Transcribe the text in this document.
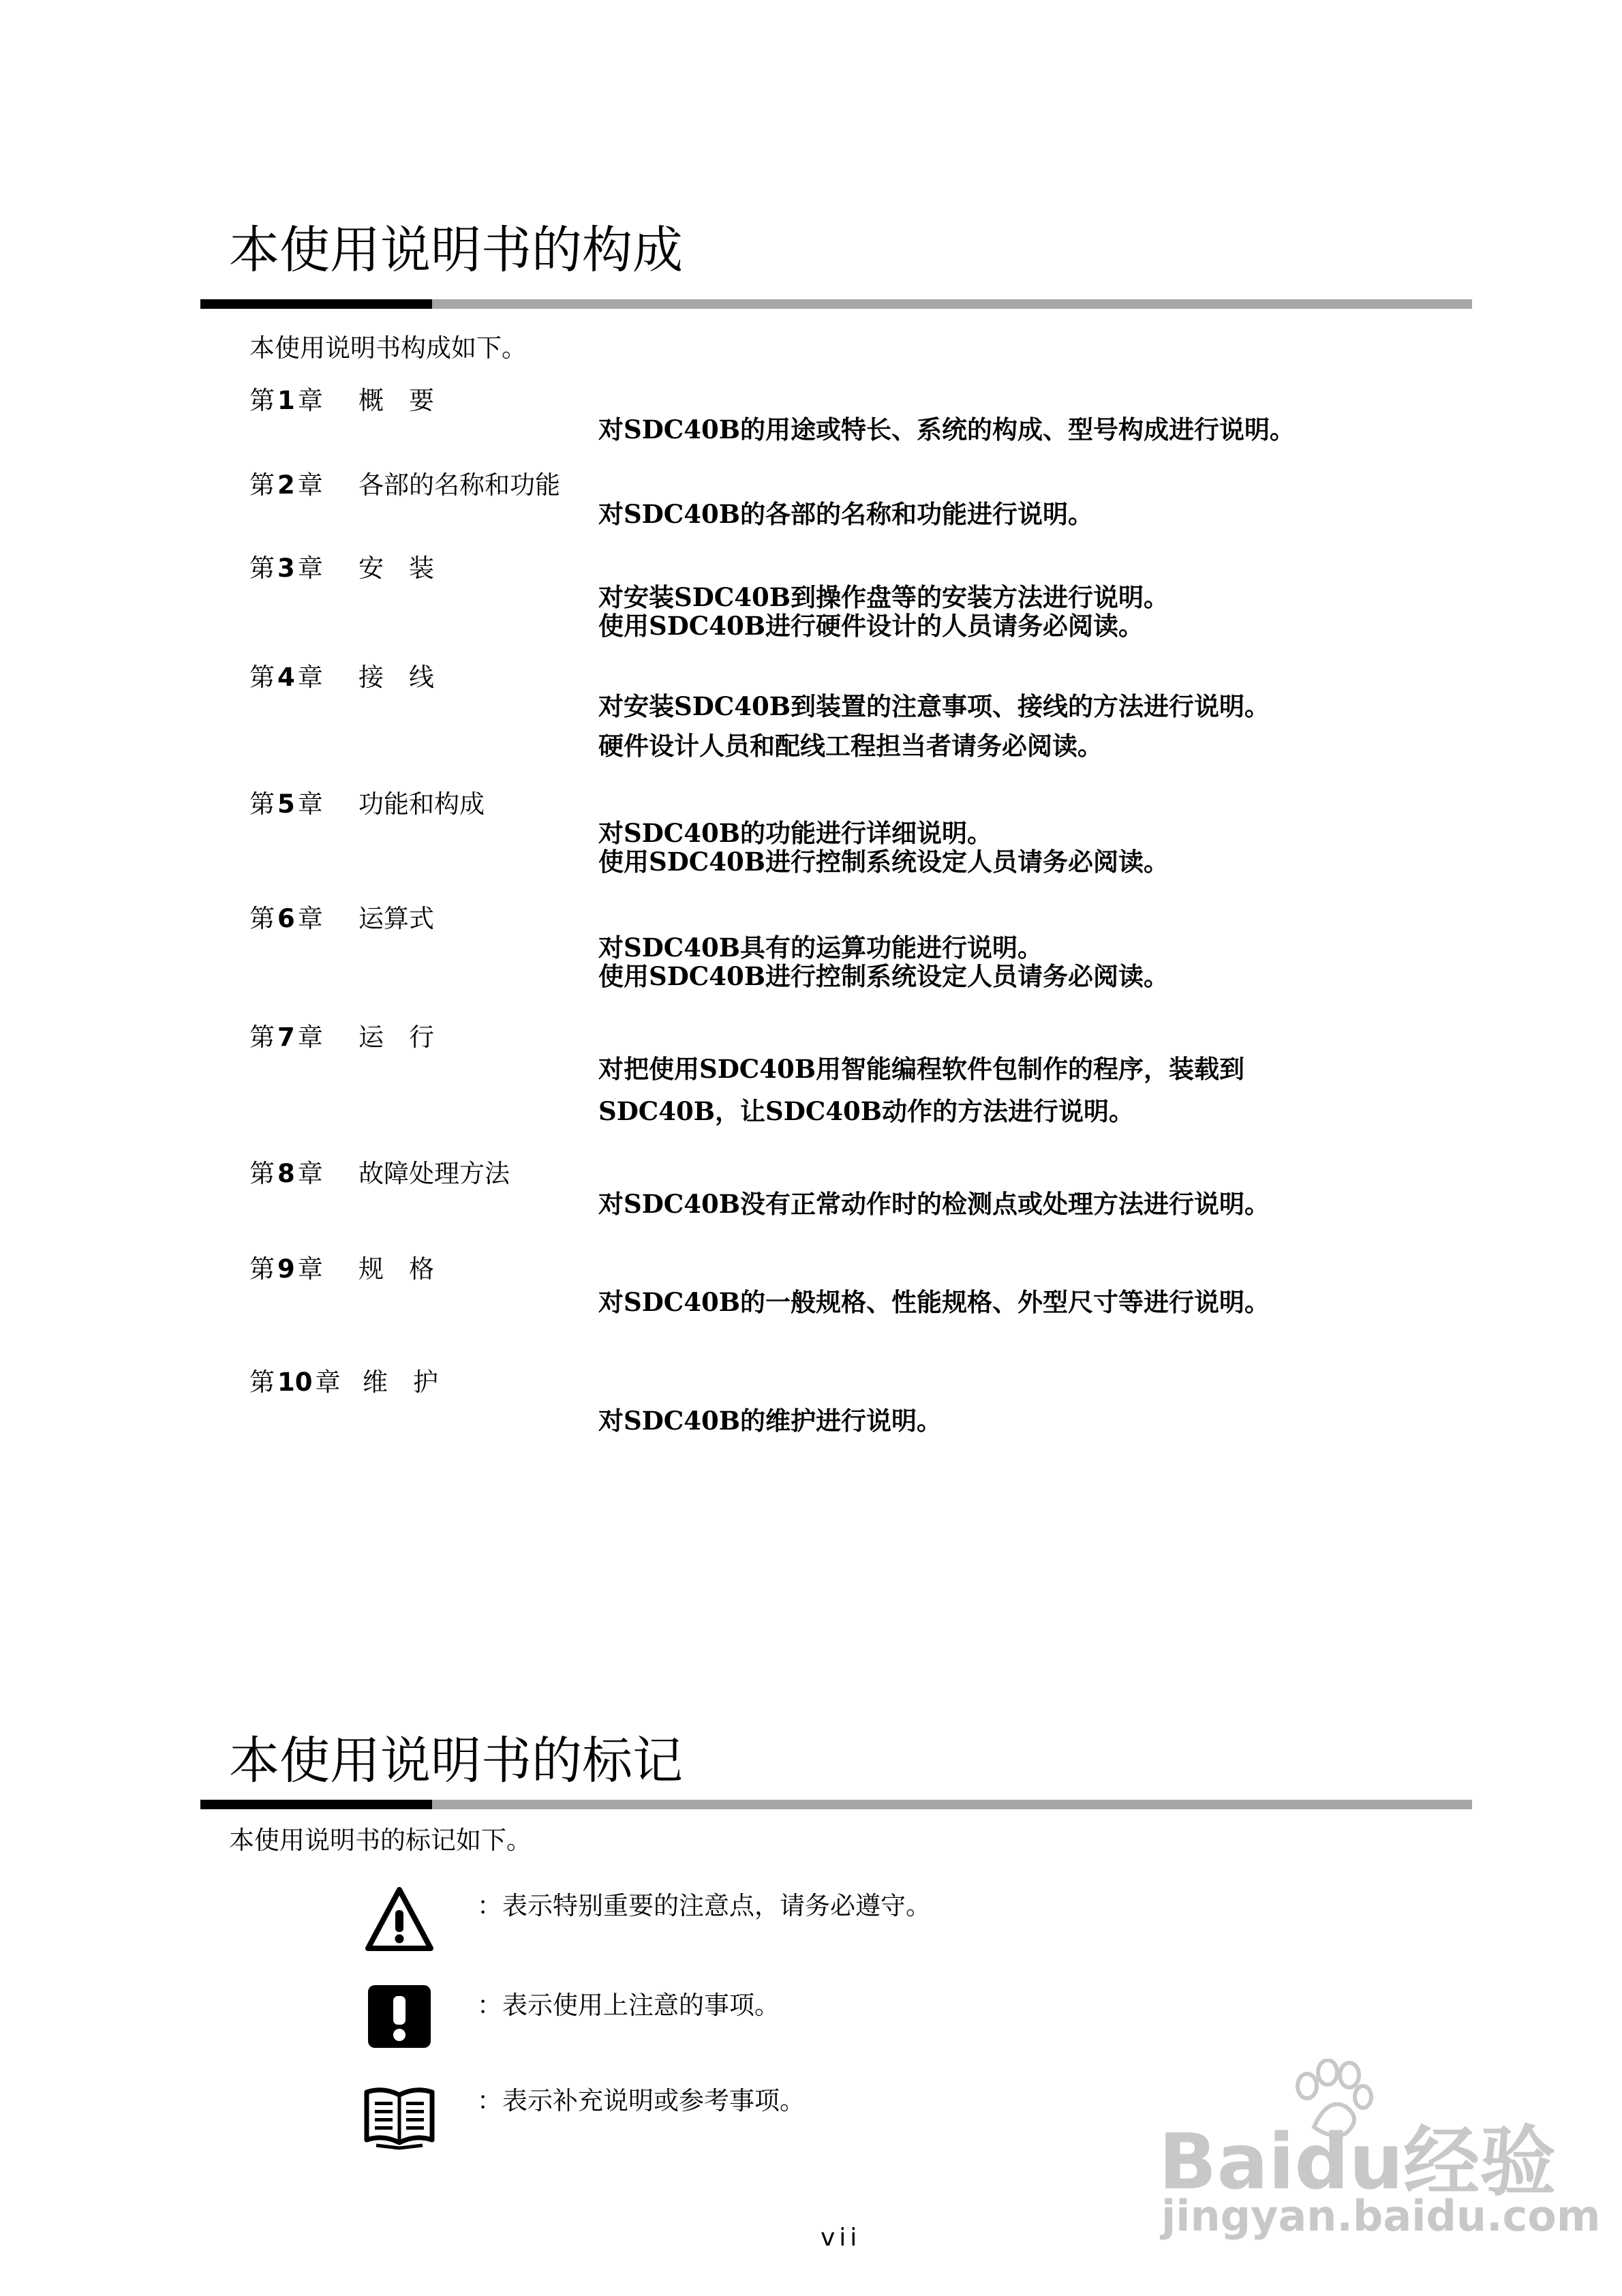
本使用说明书的构成
本使用说明书构成如下。
第 1 章 概　要
对SDC40B的用途或特长、系统的构成、型号构成进行说明。
第 2 章 各部的名称和功能
对SDC40B的各部的名称和功能进行说明。
第 3 章 安　装
对安装SDC40B到操作盘等的安装方法进行说明。
使用SDC40B进行硬件设计的人员请务必阅读。
第 4 章 接　线
对安装SDC40B到装置的注意事项、接线的方法进行说明。
硬件设计人员和配线工程担当者请务必阅读。
第 5 章 功能和构成
对SDC40B的功能进行详细说明。
使用SDC40B进行控制系统设定人员请务必阅读。
第 6 章 运算式
对SDC40B具有的运算功能进行说明。
使用SDC40B进行控制系统设定人员请务必阅读。
第 7 章 运　行
对把使用SDC40B用智能编程软件包制作的程序，装载到
SDC40B，让SDC40B动作的方法进行说明。
第 8 章 故障处理方法
对SDC40B没有正常动作时的检测点或处理方法进行说明。
第 9 章 规　格
对SDC40B的一般规格、性能规格、外型尺寸等进行说明。
第 10 章 维　护
对SDC40B的维护进行说明。
本使用说明书的标记
本使用说明书的标记如下。
：表示特别重要的注意点，请务必遵守。
：表示使用上注意的事项。
：表示补充说明或参考事项。
vii
Baidu经验
jingyan.baidu.com
